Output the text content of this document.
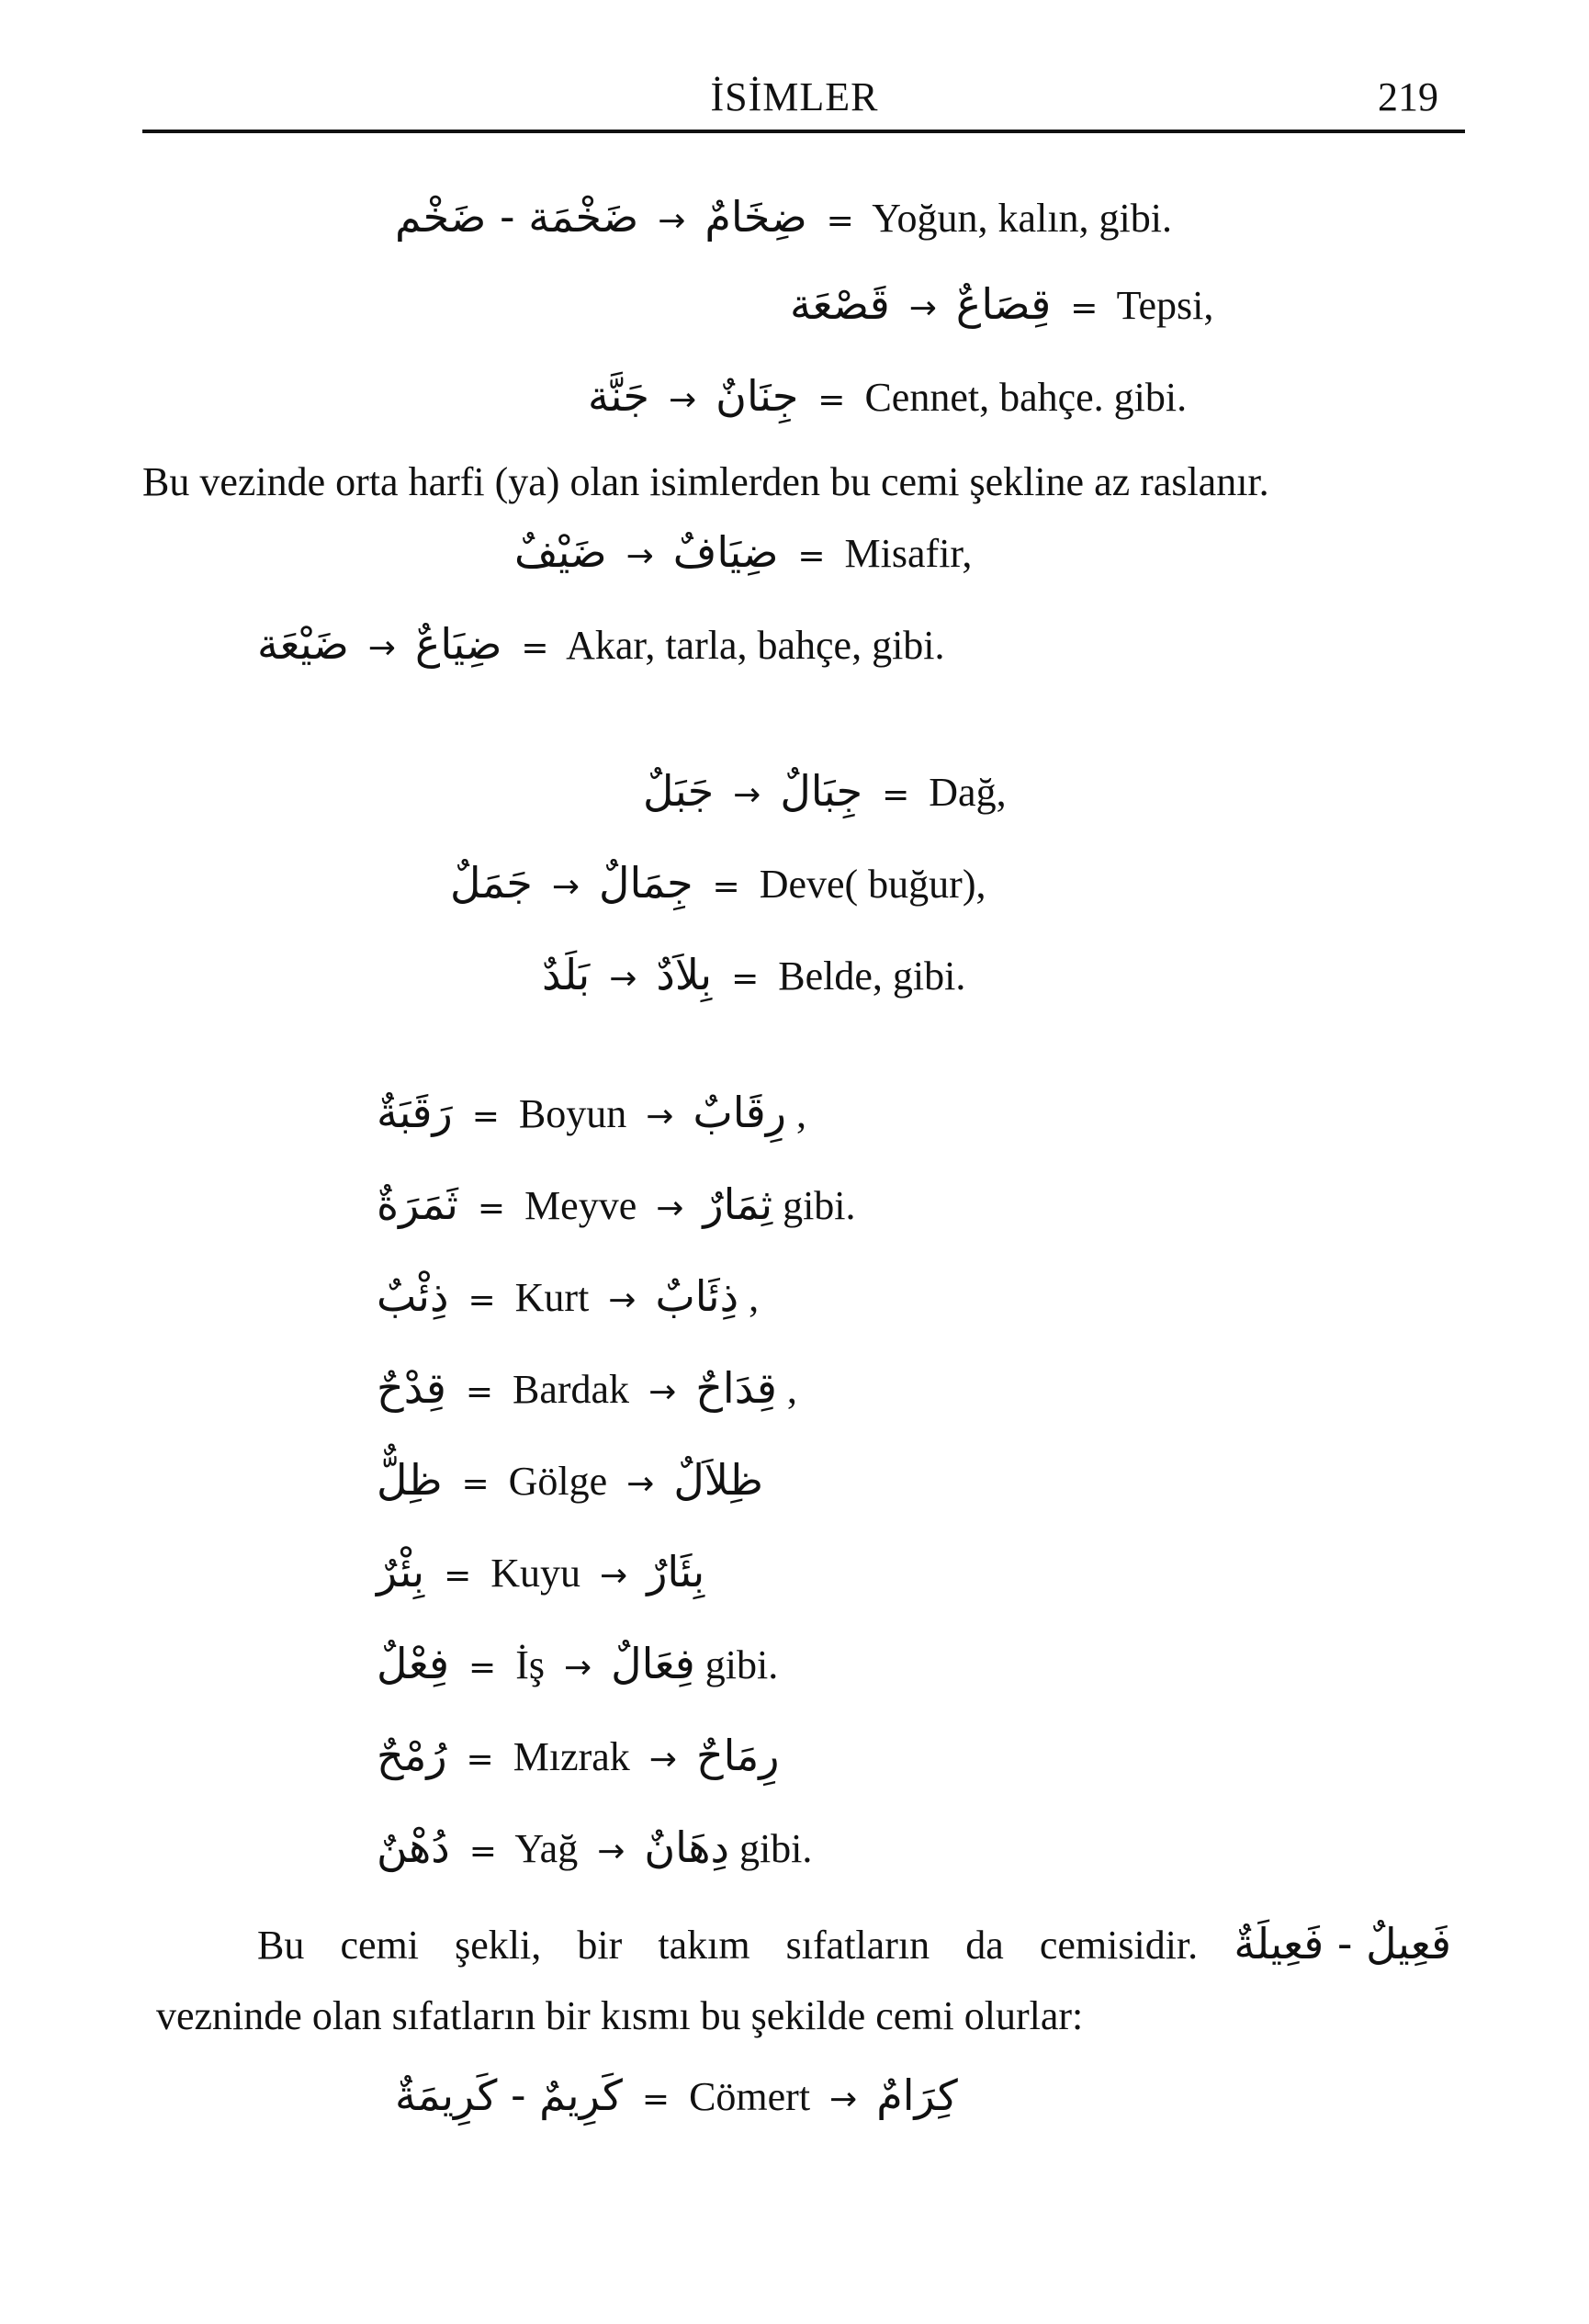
İSİMLER	219
ضَخْمَة - ضَخْم → ضِخَامٌ = Yoğun, kalın, gibi.
قَصْعَة → قِصَاعٌ = Tepsi,
جَنَّة → جِنَانٌ = Cennet, bahçe. gibi.
Bu vezinde orta harfi (ya) olan isimlerden bu cemi şekline az raslanır.
ضَيْفٌ → ضِيَافٌ = Misafir,
ضَيْعَة → ضِيَاعٌ = Akar, tarla, bahçe, gibi.
جَبَلٌ → جِبَالٌ = Dağ,
جَمَلٌ → جِمَالٌ = Deve( buğur),
بَلَدٌ → بِلاَدٌ = Belde, gibi.
رَقَبَةٌ = Boyun → رِقَابٌ ,
ثَمَرَةٌ = Meyve → ثِمَارٌ gibi.
ذِئْبٌ = Kurt → ذِئَابٌ ,
قِدْحٌ = Bardak → قِدَاحٌ ,
ظِلٌّ = Gölge → ظِلاَلٌ
بِئْرٌ = Kuyu → بِئَارٌ
فِعْلٌ = İş → فِعَالٌ gibi.
رُمْحٌ = Mızrak → رِمَاحٌ
دُهْنٌ = Yağ → دِهَانٌ gibi.
Bu cemi şekli, bir takım sıfatların da cemisidir. فَعِيلٌ - فَعِيلَةٌ
vezninde olan sıfatların bir kısmı bu şekilde cemi olurlar:
كَرِيمٌ - كَرِيمَةٌ = Cömert → كِرَامٌ
